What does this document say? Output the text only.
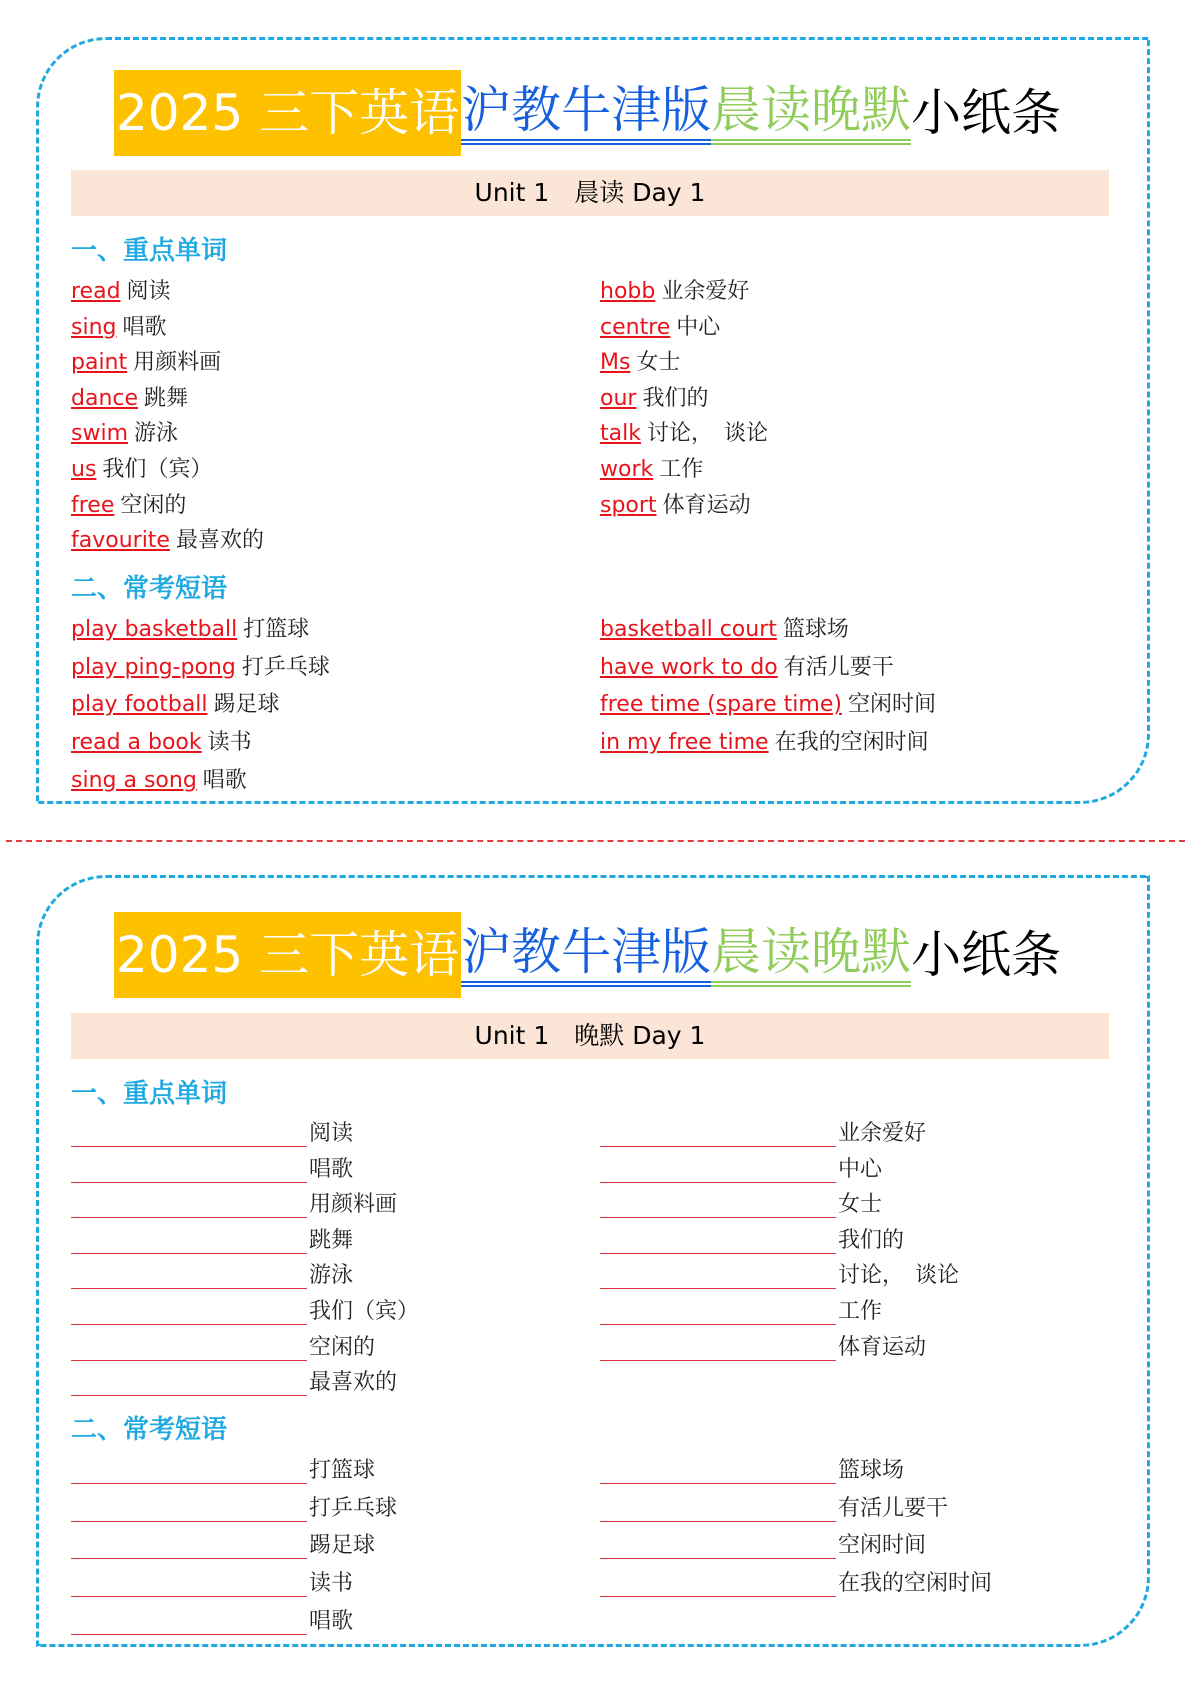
2025 三下英语 沪教牛津版 晨读晚默 小纸条
Unit 1　晨读 Day 1
一、重点单词
二、常考短语
read 阅读
sing 唱歌
paint 用颜料画
dance 跳舞
swim 游泳
us 我们（宾）
free 空闲的
favourite 最喜欢的
hobb 业余爱好
centre 中心
Ms 女士
our 我们的
talk 讨论，　谈论
work 工作
sport 体育运动
play basketball 打篮球
play ping-pong 打乒乓球
play football 踢足球
read a book 读书
sing a song 唱歌
basketball court 篮球场
have work to do 有活儿要干
free time (spare time) 空闲时间
in my free time 在我的空闲时间
2025 三下英语 沪教牛津版 晨读晚默 小纸条
Unit 1　晚默 Day 1
一、重点单词
二、常考短语
阅读
唱歌
用颜料画
跳舞
游泳
我们（宾）
空闲的
最喜欢的
业余爱好
中心
女士
我们的
讨论，　谈论
工作
体育运动
打篮球
打乒乓球
踢足球
读书
唱歌
篮球场
有活儿要干
空闲时间
在我的空闲时间
